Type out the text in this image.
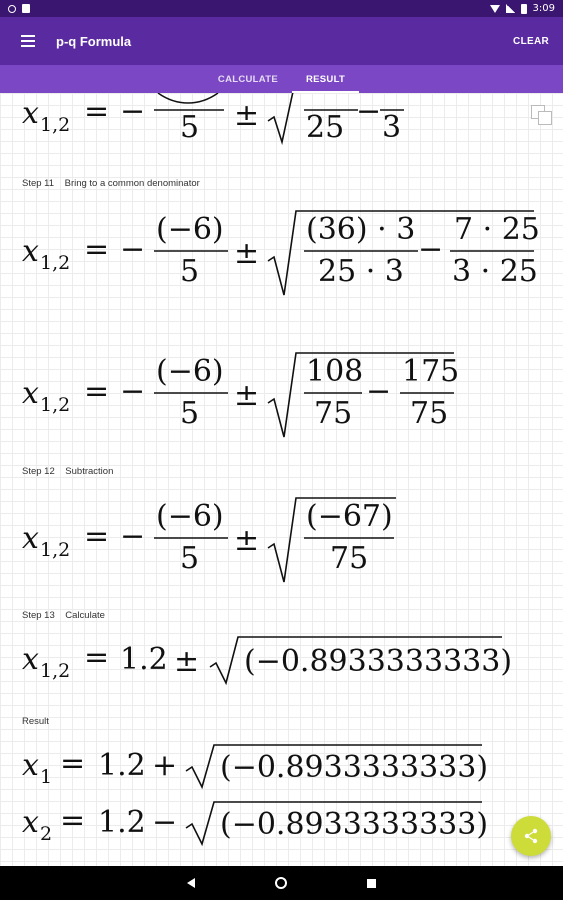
3:09
p-q Formula	CLEAR
CALCULATE	RESULT
x 1,2 = − 5 ± 25 − 3
Step 11    Bring to a common denominator
x 1,2 = −
(−6)
5
±
(36) · 3
25 · 3
−
7 · 25
3 · 25
x 1,2 = −
(−6)
5
±
108
75
−
175
75
Step 12    Subtraction
x 1,2 = −
(−6)
5
±
(−67)
75
Step 13    Calculate
x 1,2 = 1.2 ± (−0.8933333333)
Result
x 1 = 1.2 + (−0.8933333333)
x 2 = 1.2 − (−0.8933333333)
